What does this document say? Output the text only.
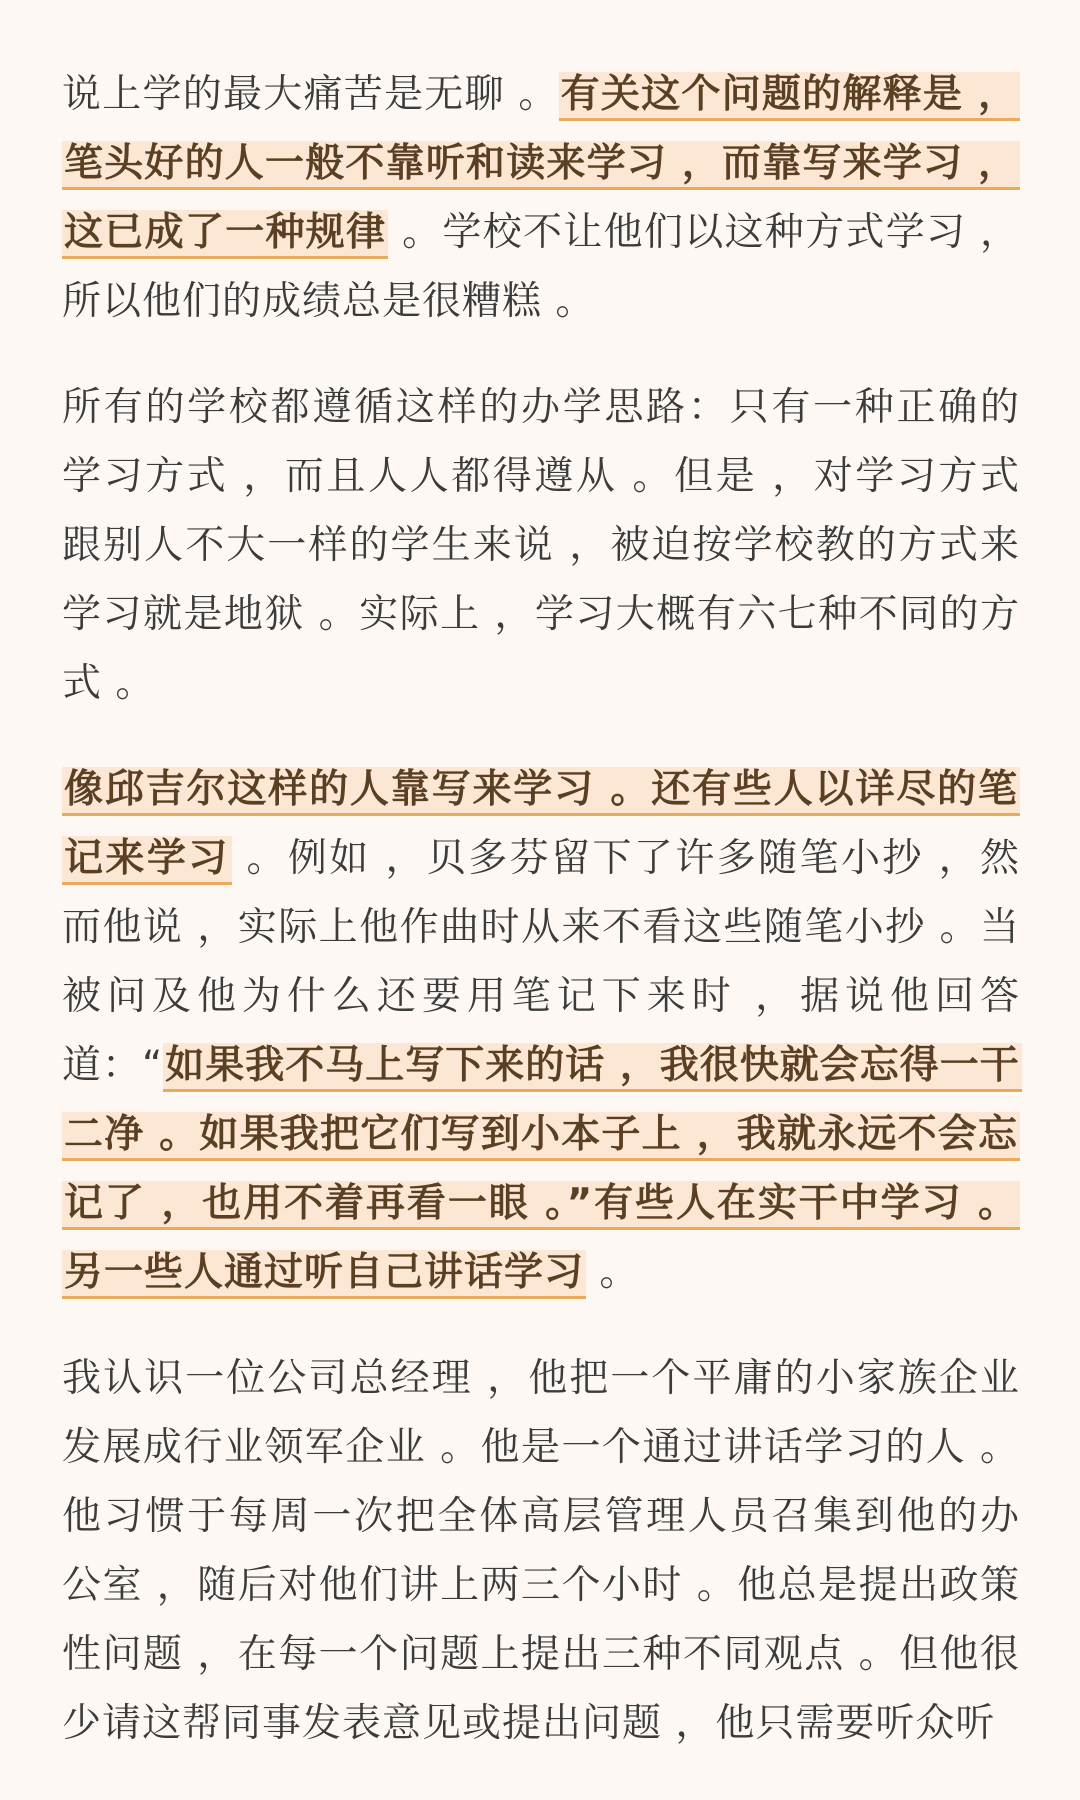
说上学的最大痛苦是无聊 。有关这个问题的解释是 ，笔头好的人一般不靠听和读来学习 ，而靠写来学习 ，这已成了一种规律 。学校不让他们以这种方式学习 ，所以他们的成绩总是很糟糕 。

所有的学校都遵循这样的办学思路：只有一种正确的学习方式 ，而且人人都得遵从 。但是 ，对学习方式跟别人不大一样的学生来说 ，被迫按学校教的方式来学习就是地狱 。实际上 ，学习大概有六七种不同的方式 。

像邱吉尔这样的人靠写来学习 。还有些人以详尽的笔记来学习 。例如 ，贝多芬留下了许多随笔小抄 ，然而他说 ，实际上他作曲时从来不看这些随笔小抄 。当被问及他为什么还要用笔记下来时 ，据说他回答道：“如果我不马上写下来的话 ，我很快就会忘得一干二净 。如果我把它们写到小本子上 ，我就永远不会忘记了 ，也用不着再看一眼 。”有些人在实干中学习 。另一些人通过听自己讲话学习 。

我认识一位公司总经理 ，他把一个平庸的小家族企业发展成行业领军企业 。他是一个通过讲话学习的人 。他习惯于每周一次把全体高层管理人员召集到他的办公室 ，随后对他们讲上两三个小时 。他总是提出政策性问题 ，在每一个问题上提出三种不同观点 。但他很少请这帮同事发表意见或提出问题 ，他只需要听众听
